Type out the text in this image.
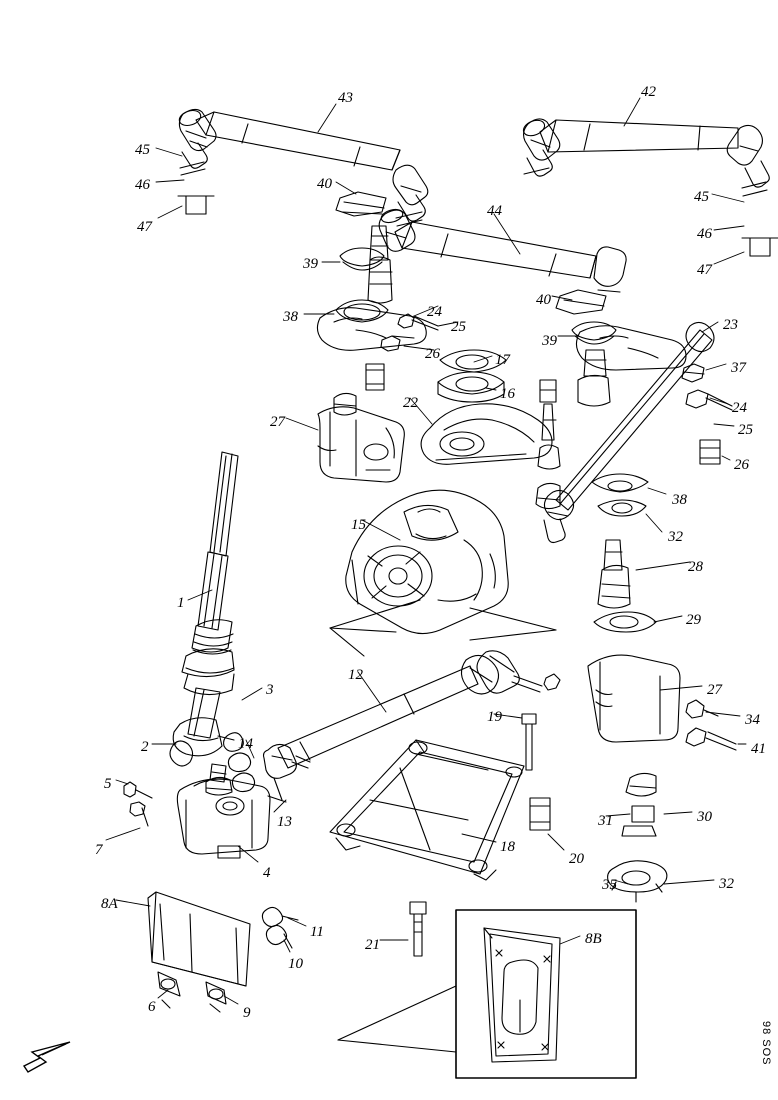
98 SOS
43	42
45
46
47
40
44
45
46
47
39
40
38	24
25
26	17
39
23
37
16
24
22
25
27
26
38
15
32
28
1
29
12
3	27
19
2	14
34
41
5
13	31	30
7	18
20
4
35	32
8A
11	8B
21
10
6	9
